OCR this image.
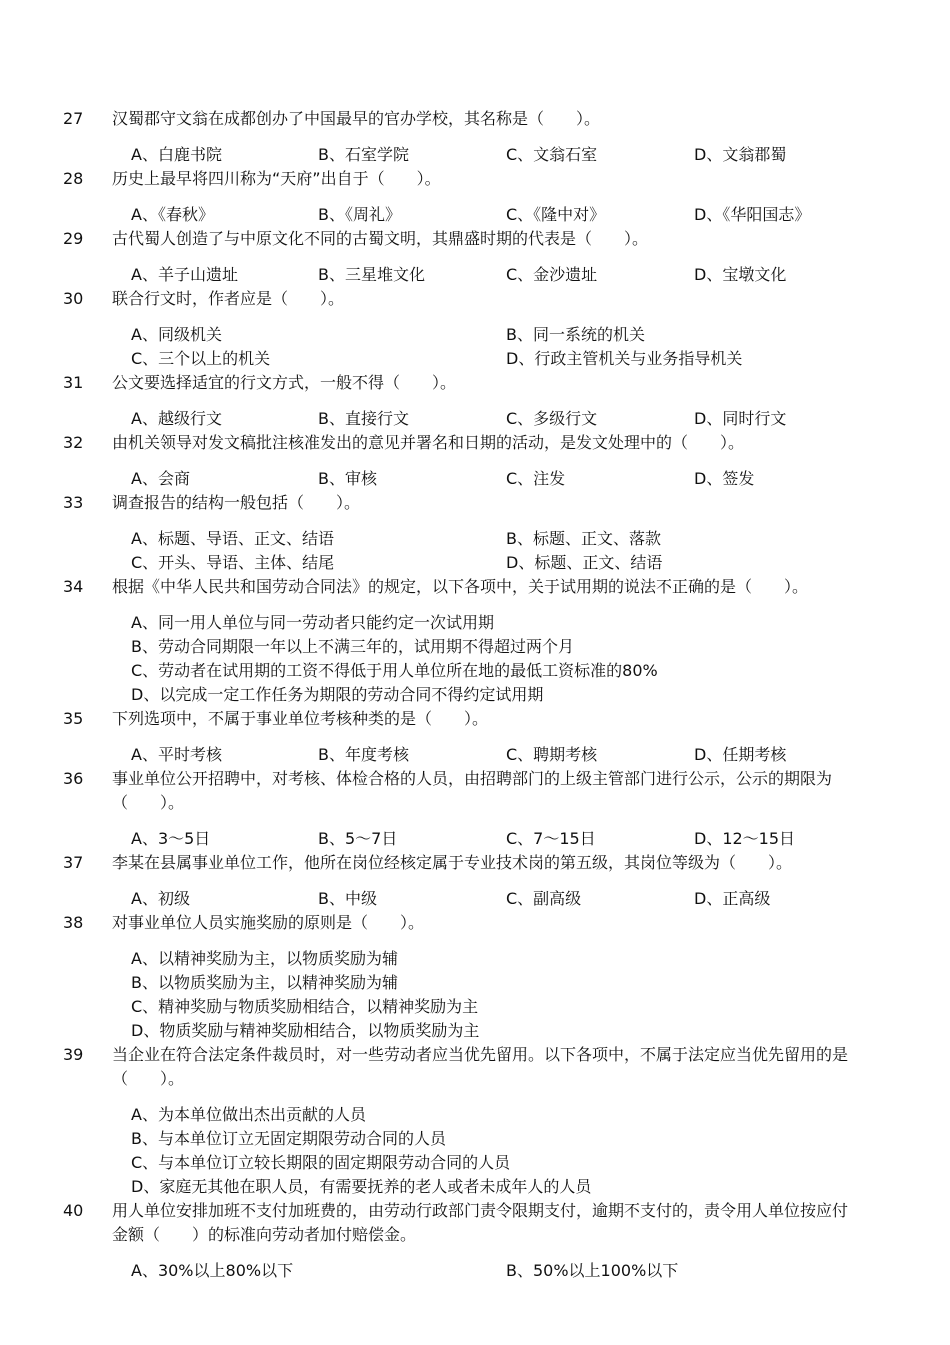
27	汉蜀郡守文翁在成都创办了中国最早的官办学校，其名称是（　　）。
A、白鹿书院	B、石室学院	C、文翁石室	D、文翁郡蜀
28	历史上最早将四川称为“天府”出自于（　　）。
A、《春秋》	B、《周礼》	C、《隆中对》	D、《华阳国志》
29	古代蜀人创造了与中原文化不同的古蜀文明，其鼎盛时期的代表是（　　）。
A、羊子山遗址	B、三星堆文化	C、金沙遗址	D、宝墩文化
30	联合行文时，作者应是（　　）。
A、同级机关	B、同一系统的机关
C、三个以上的机关	D、行政主管机关与业务指导机关
31	公文要选择适宜的行文方式，一般不得（　　）。
A、越级行文	B、直接行文	C、多级行文	D、同时行文
32	由机关领导对发文稿批注核准发出的意见并署名和日期的活动，是发文处理中的（　　）。
A、会商	B、审核	C、注发	D、签发
33	调查报告的结构一般包括（　　）。
A、标题、导语、正文、结语	B、标题、正文、落款
C、开头、导语、主体、结尾	D、标题、正文、结语
34	根据《中华人民共和国劳动合同法》的规定，以下各项中，关于试用期的说法不正确的是（　　）。
A、同一用人单位与同一劳动者只能约定一次试用期
B、劳动合同期限一年以上不满三年的，试用期不得超过两个月
C、劳动者在试用期的工资不得低于用人单位所在地的最低工资标准的80%
D、以完成一定工作任务为期限的劳动合同不得约定试用期
35	下列选项中，不属于事业单位考核种类的是（　　）。
A、平时考核	B、年度考核	C、聘期考核	D、任期考核
36	事业单位公开招聘中，对考核、体检合格的人员，由招聘部门的上级主管部门进行公示，公示的期限为（　　）。
A、3～5日	B、5～7日	C、7～15日	D、12～15日
37	李某在县属事业单位工作，他所在岗位经核定属于专业技术岗的第五级，其岗位等级为（　　）。
A、初级	B、中级	C、副高级	D、正高级
38	对事业单位人员实施奖励的原则是（　　）。
A、以精神奖励为主，以物质奖励为辅
B、以物质奖励为主，以精神奖励为辅
C、精神奖励与物质奖励相结合，以精神奖励为主
D、物质奖励与精神奖励相结合，以物质奖励为主
39	当企业在符合法定条件裁员时，对一些劳动者应当优先留用。以下各项中，不属于法定应当优先留用的是（　　）。
A、为本单位做出杰出贡献的人员
B、与本单位订立无固定期限劳动合同的人员
C、与本单位订立较长期限的固定期限劳动合同的人员
D、家庭无其他在职人员，有需要抚养的老人或者未成年人的人员
40	用人单位安排加班不支付加班费的，由劳动行政部门责令限期支付，逾期不支付的，责令用人单位按应付金额（　　）的标准向劳动者加付赔偿金。
A、30%以上80%以下	B、50%以上100%以下
